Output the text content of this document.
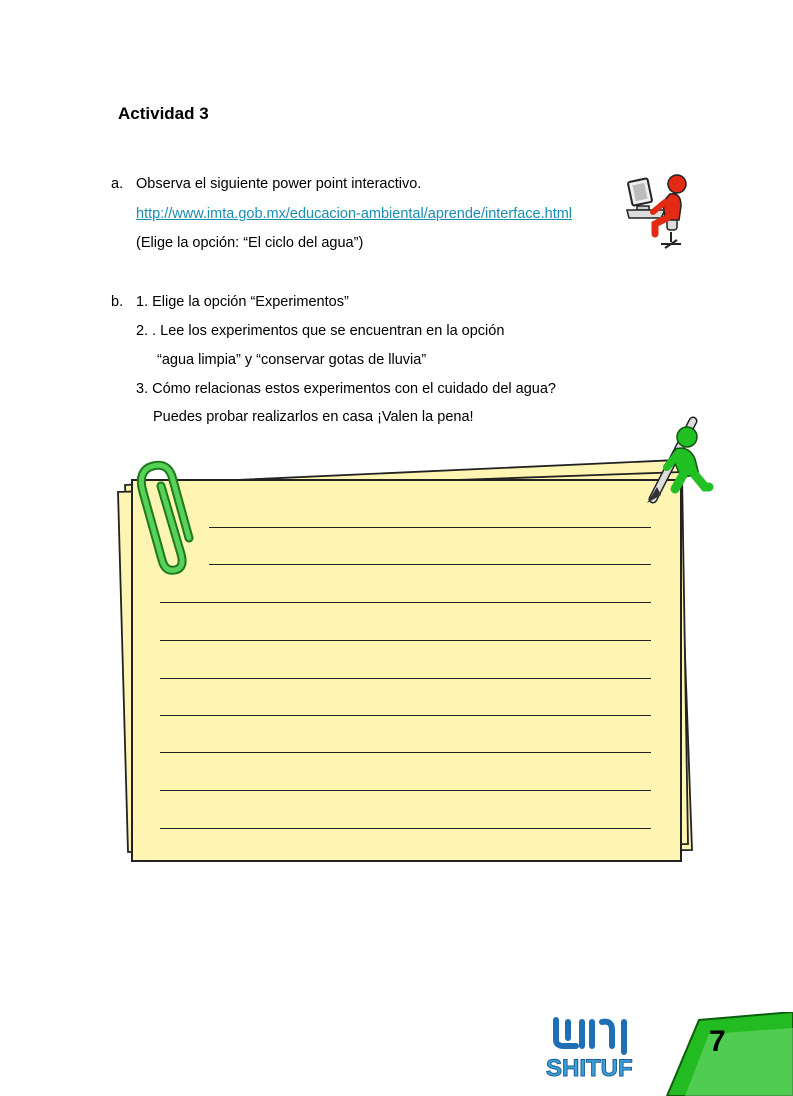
Actividad 3
a. Observa el siguiente power point interactivo.
http://www.imta.gob.mx/educacion-ambiental/aprende/interface.html
(Elige la opción: “El ciclo del agua”)
b. 1. Elige la opción “Experimentos”
2. . Lee los experimentos que se encuentran en la opción
“agua limpia” y “conservar gotas de lluvia”
3. Cómo relacionas estos experimentos con el cuidado del agua?
Puedes probar realizarlos en casa ¡Valen la pena!
SHITUF
7
